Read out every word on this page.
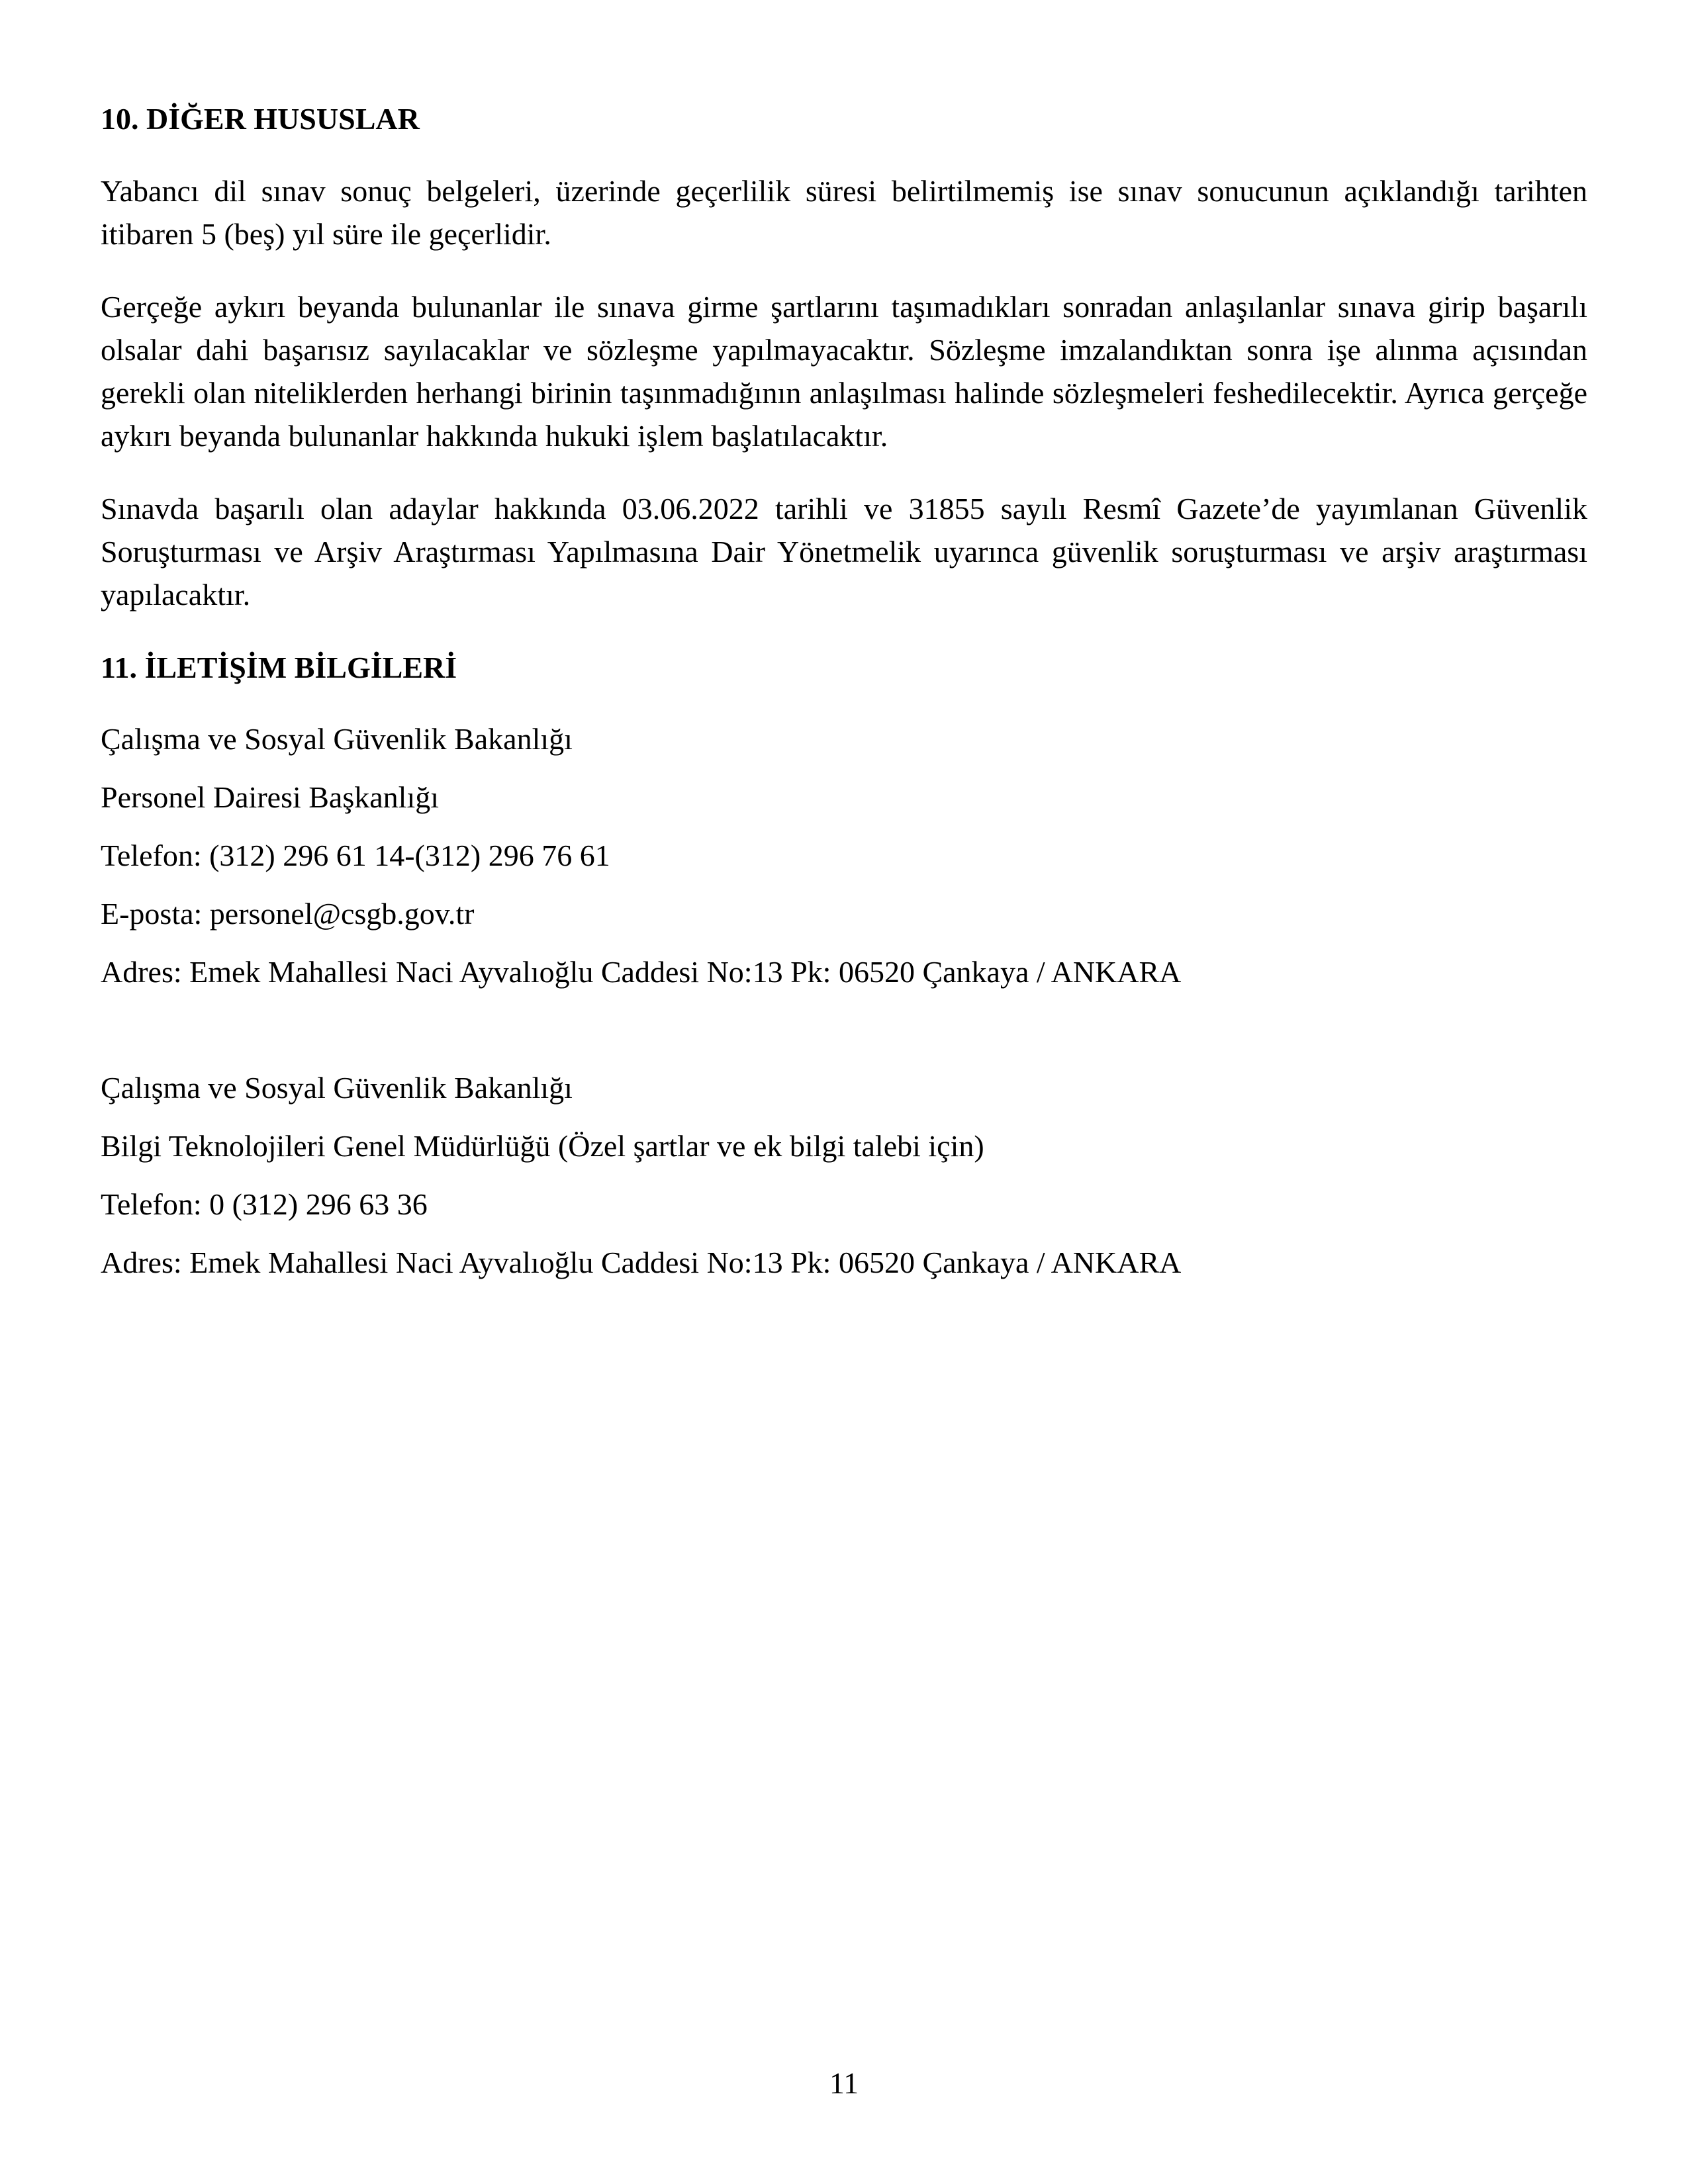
10. DİĞER HUSUSLAR

Yabancı dil sınav sonuç belgeleri, üzerinde geçerlilik süresi belirtilmemiş ise sınav sonucunun açıklandığı tarihten itibaren 5 (beş) yıl süre ile geçerlidir.

Gerçeğe aykırı beyanda bulunanlar ile sınava girme şartlarını taşımadıkları sonradan anlaşılanlar sınava girip başarılı olsalar dahi başarısız sayılacaklar ve sözleşme yapılmayacaktır. Sözleşme imzalandıktan sonra işe alınma açısından gerekli olan niteliklerden herhangi birinin taşınmadığının anlaşılması halinde sözleşmeleri feshedilecektir. Ayrıca gerçeğe aykırı beyanda bulunanlar hakkında hukuki işlem başlatılacaktır.

Sınavda başarılı olan adaylar hakkında 03.06.2022 tarihli ve 31855 sayılı Resmî Gazete’de yayımlanan Güvenlik Soruşturması ve Arşiv Araştırması Yapılmasına Dair Yönetmelik uyarınca güvenlik soruşturması ve arşiv araştırması yapılacaktır.

11. İLETİŞİM BİLGİLERİ
Çalışma ve Sosyal Güvenlik Bakanlığı
Personel Dairesi Başkanlığı
Telefon: (312) 296 61 14-(312) 296 76 61
E-posta: personel@csgb.gov.tr
Adres: Emek Mahallesi Naci Ayvalıoğlu Caddesi No:13 Pk: 06520 Çankaya / ANKARA
Çalışma ve Sosyal Güvenlik Bakanlığı
Bilgi Teknolojileri Genel Müdürlüğü (Özel şartlar ve ek bilgi talebi için)
Telefon: 0 (312) 296 63 36
Adres: Emek Mahallesi Naci Ayvalıoğlu Caddesi No:13 Pk: 06520 Çankaya / ANKARA
11
